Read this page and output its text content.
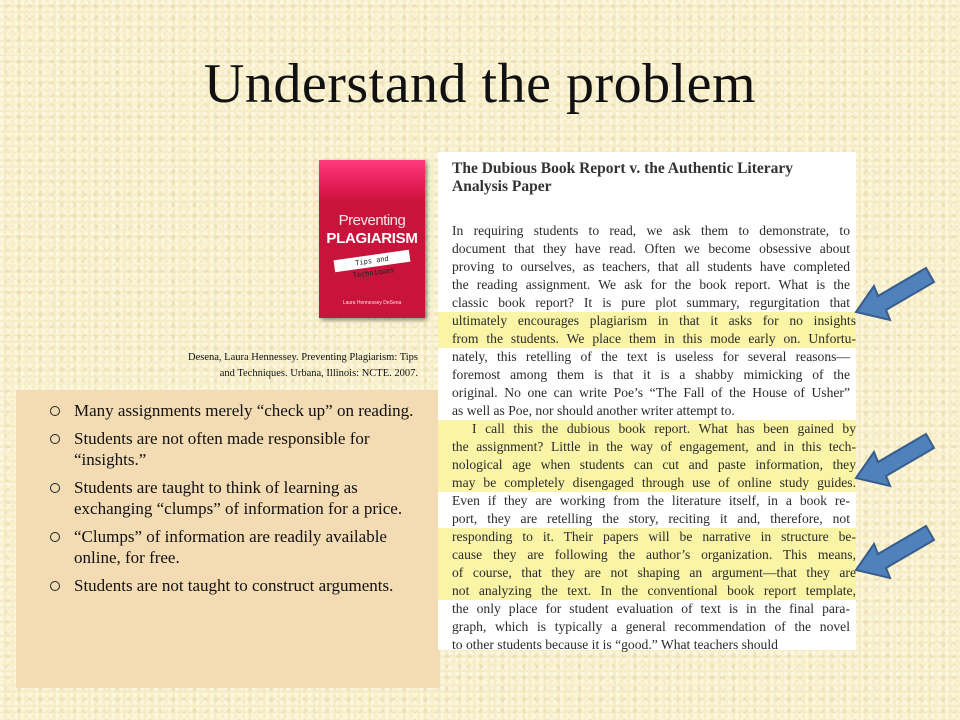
Understand the problem
Preventing
PLAGIARISM
Tips and Techniques
Laura Hennessey DeSena
Desena, Laura Hennessey. Preventing Plagiarism: Tips
and Techniques. Urbana, Illinois: NCTE. 2007.
Many assignments merely “check up” on reading.
Students are not often made responsible for “insights.”
Students are taught to think of learning as exchanging “clumps” of information for a price.
“Clumps” of information are readily available online, for free.
Students are not taught to construct arguments.
The Dubious Book Report v. the Authentic Literary Analysis Paper
In requiring students to read, we ask them to demonstrate, to
document that they have read. Often we become obsessive about
proving to ourselves, as teachers, that all students have completed
the reading assignment. We ask for the book report. What is the
classic book report? It is pure plot summary, regurgitation that
ultimately encourages plagiarism in that it asks for no insights
from the students. We place them in this mode early on. Unfortu-
nately, this retelling of the text is useless for several reasons—
foremost among them is that it is a shabby mimicking of the
original. No one can write Poe’s “The Fall of the House of Usher”
as well as Poe, nor should another writer attempt to.
I call this the dubious book report. What has been gained by
the assignment? Little in the way of engagement, and in this tech-
nological age when students can cut and paste information, they
may be completely disengaged through use of online study guides.
Even if they are working from the literature itself, in a book re-
port, they are retelling the story, reciting it and, therefore, not
responding to it. Their papers will be narrative in structure be-
cause they are following the author’s organization. This means,
of course, that they are not shaping an argument—that they are
not analyzing the text. In the conventional book report template,
the only place for student evaluation of text is in the final para-
graph, which is typically a general recommendation of the novel
to other students because it is “good.” What teachers should
